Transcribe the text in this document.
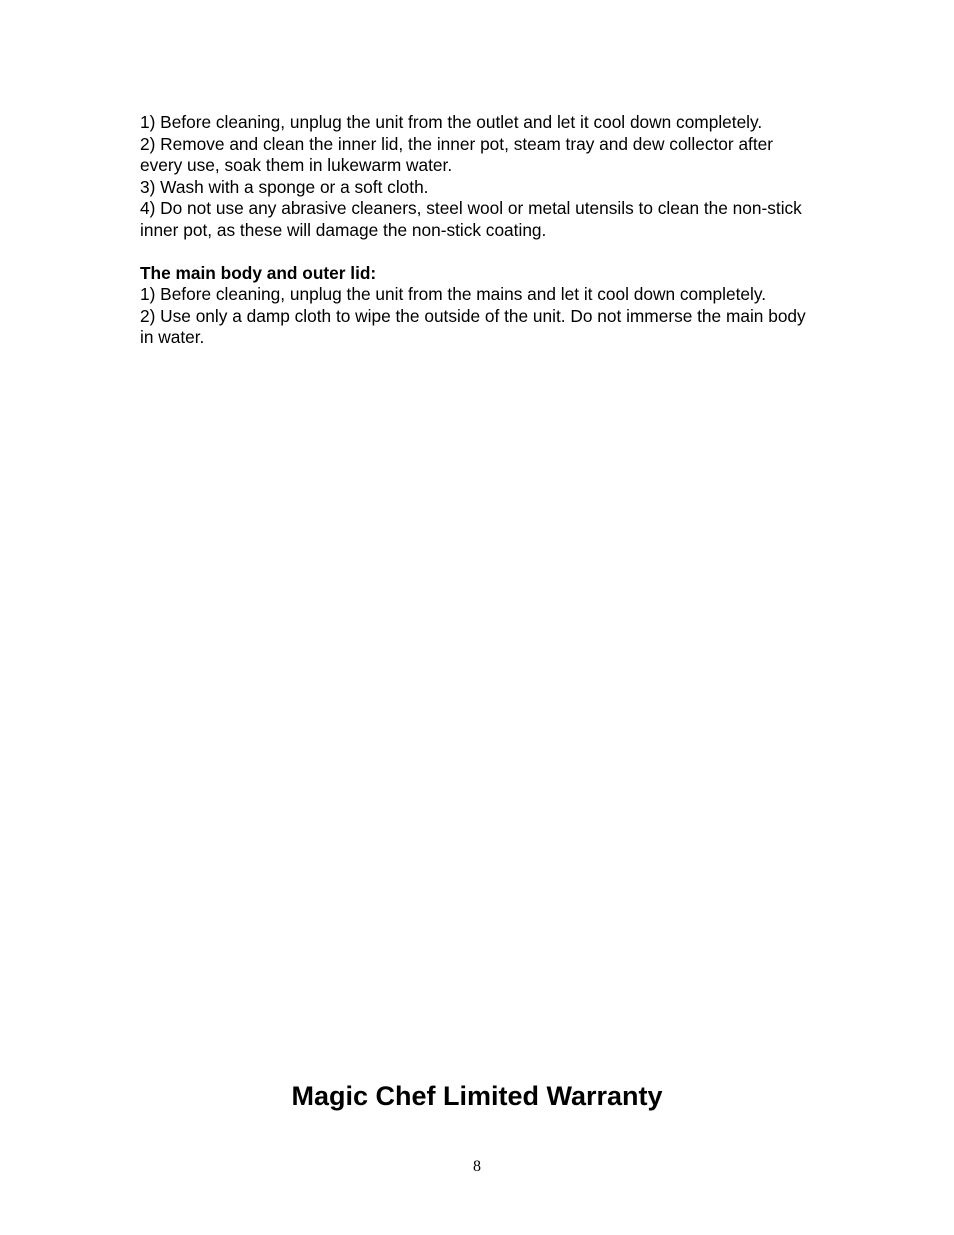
1) Before cleaning, unplug the unit from the outlet and let it cool down completely.

2) Remove and clean the inner lid, the inner pot, steam tray and dew collector after every use, soak them in lukewarm water.

3) Wash with a sponge or a soft cloth.

4) Do not use any abrasive cleaners, steel wool or metal utensils to clean the non-stick inner pot, as these will damage the non-stick coating.

The main body and outer lid:

1) Before cleaning, unplug the unit from the mains and let it cool down completely.

2) Use only a damp cloth to wipe the outside of the unit. Do not immerse the main body in water.

Magic Chef Limited Warranty
8
